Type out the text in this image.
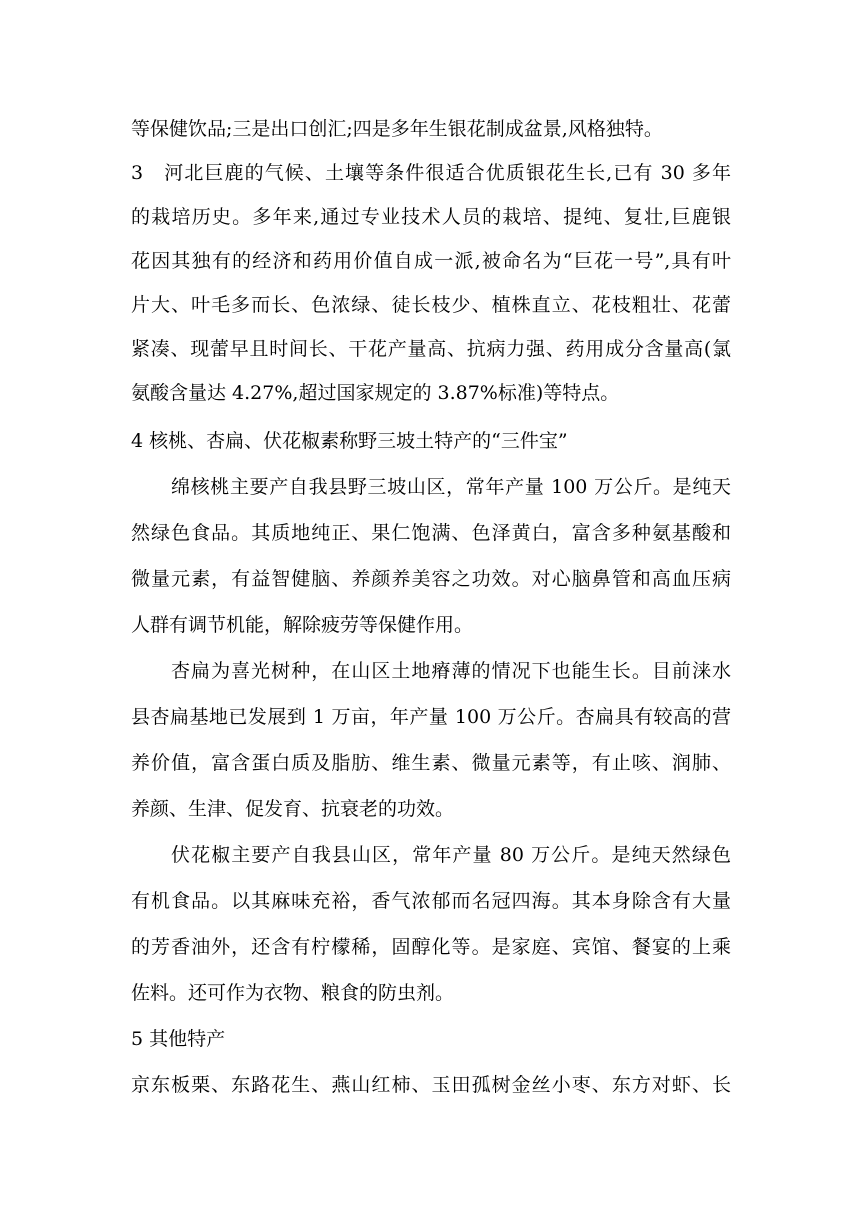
等保健饮品;三是出口创汇;四是多年生银花制成盆景,风格独特。
3　河北巨鹿的气候、土壤等条件很适合优质银花生长,已有 30 多年
的栽培历史。多年来,通过专业技术人员的栽培、提纯、复壮,巨鹿银
花因其独有的经济和药用价值自成一派,被命名为“巨花一号”,具有叶
片大、叶毛多而长、色浓绿、徒长枝少、植株直立、花枝粗壮、花蕾
紧凑、现蕾早且时间长、干花产量高、抗病力强、药用成分含量高(氯
氨酸含量达 4.27%,超过国家规定的 3.87%标准)等特点。
4 核桃、杏扁、伏花椒素称野三坡土特产的“三件宝”
绵核桃主要产自我县野三坡山区，常年产量 100 万公斤。是纯天
然绿色食品。其质地纯正、果仁饱满、色泽黄白，富含多种氨基酸和
微量元素，有益智健脑、养颜养美容之功效。对心脑鼻管和高血压病
人群有调节机能，解除疲劳等保健作用。
杏扁为喜光树种，在山区土地瘠薄的情况下也能生长。目前涞水
县杏扁基地已发展到 1 万亩，年产量 100 万公斤。杏扁具有较高的营
养价值，富含蛋白质及脂肪、维生素、微量元素等，有止咳、润肺、
养颜、生津、促发育、抗衰老的功效。
伏花椒主要产自我县山区，常年产量 80 万公斤。是纯天然绿色
有机食品。以其麻味充裕，香气浓郁而名冠四海。其本身除含有大量
的芳香油外，还含有柠檬稀，固醇化等。是家庭、宾馆、餐宴的上乘
佐料。还可作为衣物、粮食的防虫剂。
5 其他特产
京东板栗、东路花生、燕山红柿、玉田孤树金丝小枣、东方对虾、长
